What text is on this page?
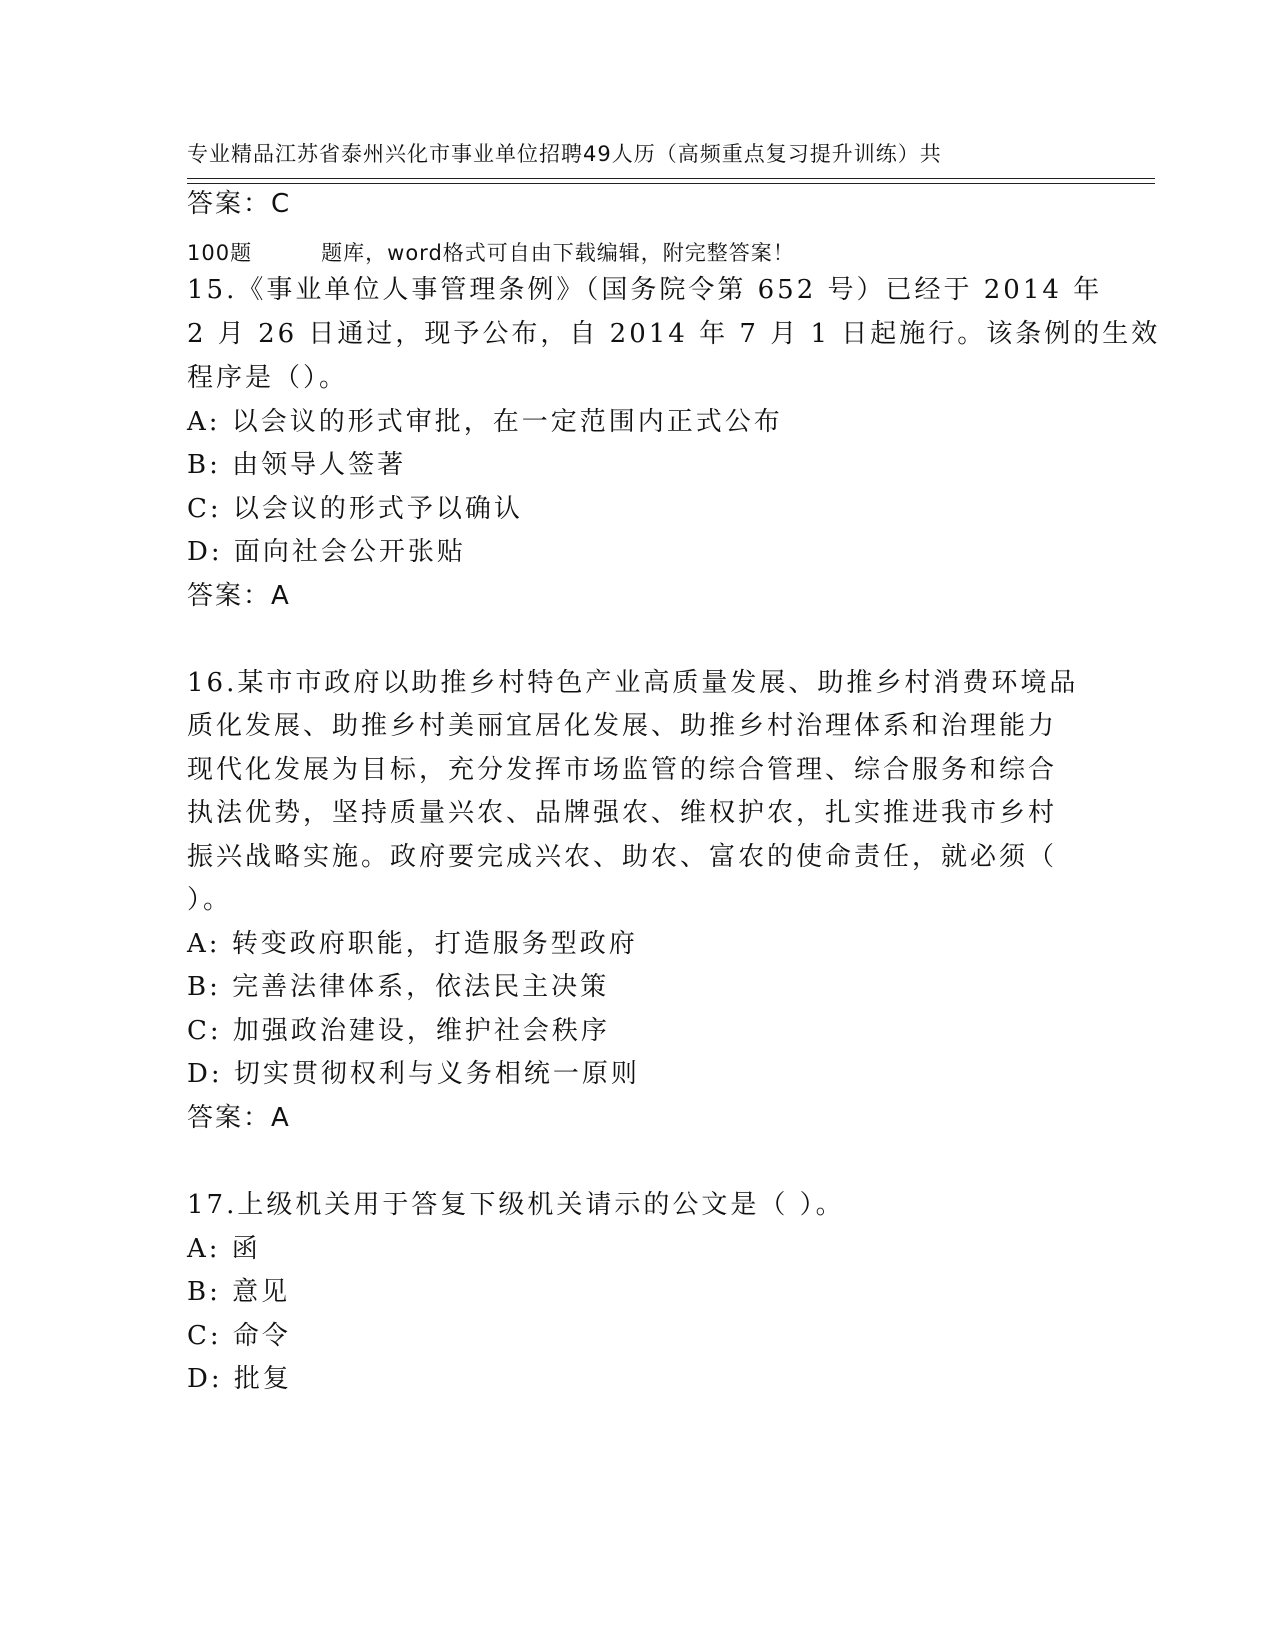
专业精品江苏省泰州兴化市事业单位招聘49人历（高频重点复习提升训练）共

100题         题库，word格式可自由下载编辑，附完整答案！

答案：C
15.《事业单位人事管理条例》（国务院令第 652 号）已经于 2014 年
2 月 26 日通过，现予公布，自 2014 年 7 月 1 日起施行。该条例的生效
程序是（）。
A: 以会议的形式审批，在一定范围内正式公布
B: 由领导人签著
C: 以会议的形式予以确认
D: 面向社会公开张贴
答案：A
16.某市市政府以助推乡村特色产业高质量发展、助推乡村消费环境品
质化发展、助推乡村美丽宜居化发展、助推乡村治理体系和治理能力
现代化发展为目标，充分发挥市场监管的综合管理、综合服务和综合
执法优势，坚持质量兴农、品牌强农、维权护农，扎实推进我市乡村
振兴战略实施。政府要完成兴农、助农、富农的使命责任，就必须（
）。
A: 转变政府职能，打造服务型政府
B: 完善法律体系，依法民主决策
C: 加强政治建设，维护社会秩序
D: 切实贯彻权利与义务相统一原则
答案：A
17.上级机关用于答复下级机关请示的公文是（ ）。
A: 函
B: 意见
C: 命令
D: 批复
